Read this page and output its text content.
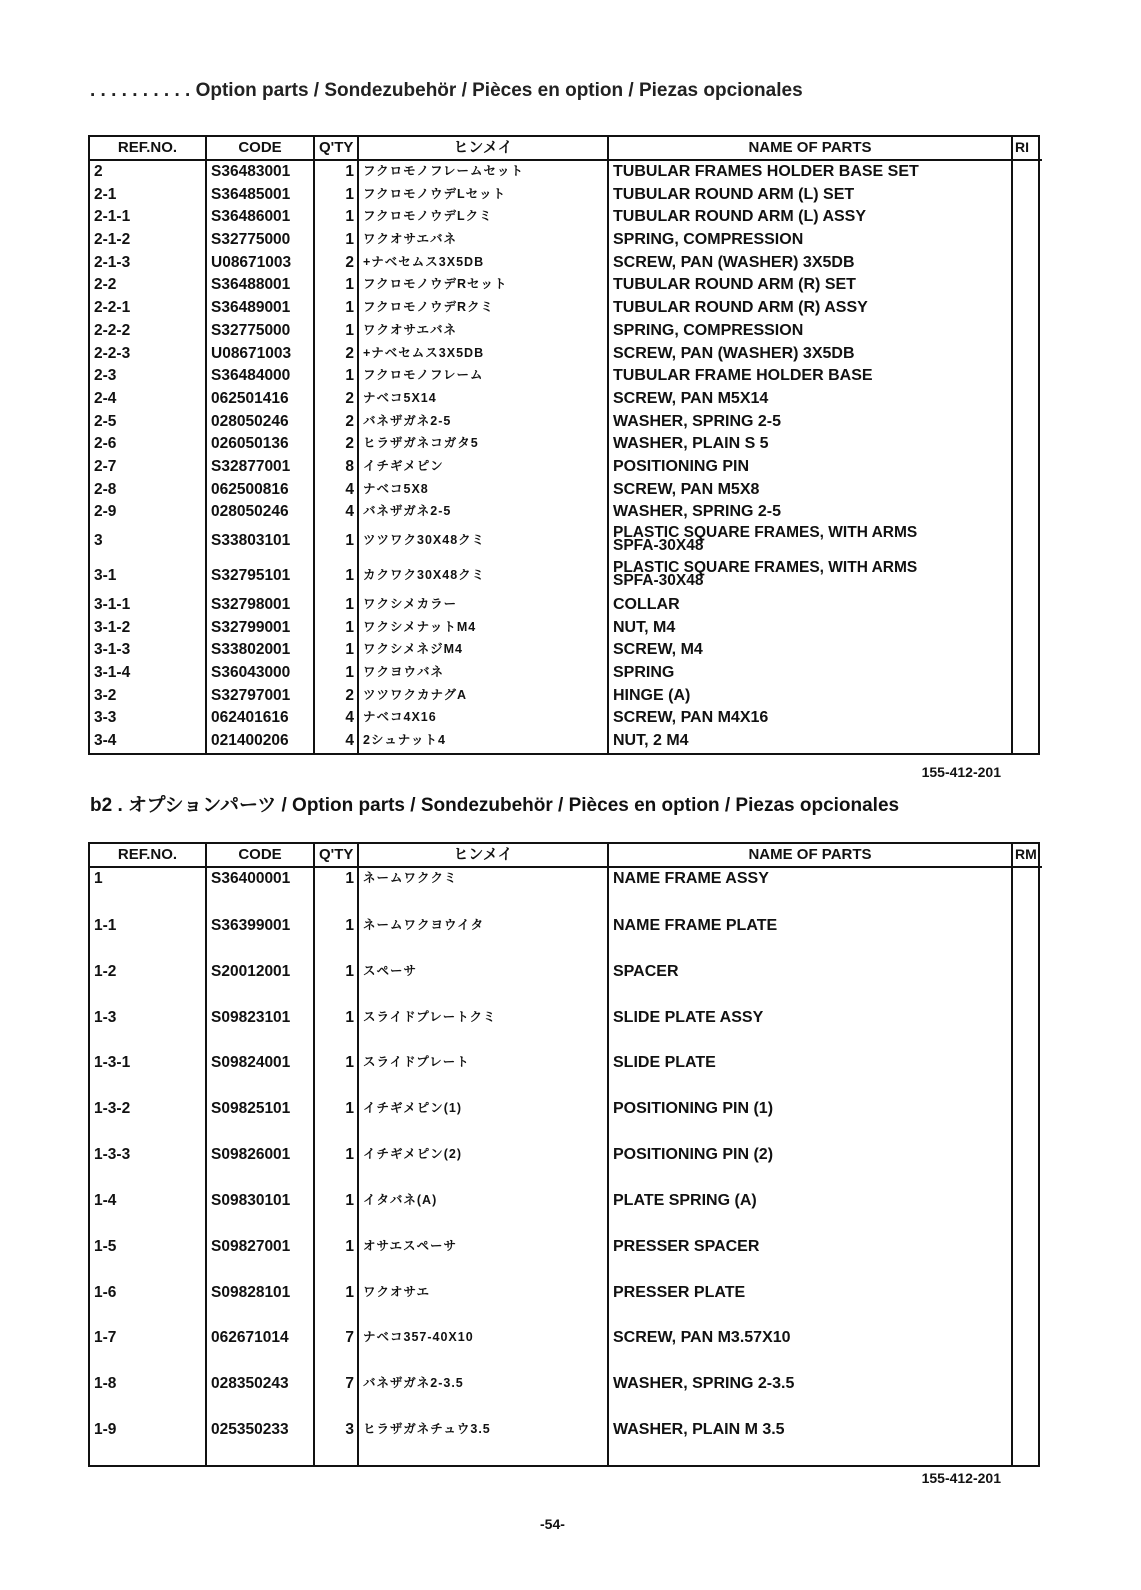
. . . . . . . . . . Option parts / Sondezubehör / Pièces en option / Piezas opcionales
REF.NO.	CODE	Q'TY	ヒンメイ	NAME OF PARTS	RI
2	S36483001	1	フクロモノフレームセット	TUBULAR FRAMES HOLDER BASE SET	
2-1	S36485001	1	フクロモノウデLセット	TUBULAR ROUND ARM (L) SET	
2-1-1	S36486001	1	フクロモノウデLクミ	TUBULAR ROUND ARM (L) ASSY	
2-1-2	S32775000	1	ワクオサエバネ	SPRING, COMPRESSION	
2-1-3	U08671003	2	+ナベセムス3X5DB	SCREW, PAN (WASHER) 3X5DB	
2-2	S36488001	1	フクロモノウデRセット	TUBULAR ROUND ARM (R) SET	
2-2-1	S36489001	1	フクロモノウデRクミ	TUBULAR ROUND ARM (R) ASSY	
2-2-2	S32775000	1	ワクオサエバネ	SPRING, COMPRESSION	
2-2-3	U08671003	2	+ナベセムス3X5DB	SCREW, PAN (WASHER) 3X5DB	
2-3	S36484000	1	フクロモノフレーム	TUBULAR FRAME HOLDER BASE	
2-4	062501416	2	ナベコ5X14	SCREW, PAN M5X14	
2-5	028050246	2	バネザガネ2-5	WASHER, SPRING 2-5	
2-6	026050136	2	ヒラザガネコガタ5	WASHER, PLAIN S 5	
2-7	S32877001	8	イチギメピン	POSITIONING PIN	
2-8	062500816	4	ナベコ5X8	SCREW, PAN M5X8	
2-9	028050246	4	バネザガネ2-5	WASHER, SPRING 2-5	
3	S33803101	1	ツツワク30X48クミ	PLASTIC SQUARE FRAMES, WITH ARMS
SPFA-30X48	

3-1	S32795101	1	カクワク30X48クミ	PLASTIC SQUARE FRAMES, WITH ARMS
SPFA-30X48	

3-1-1	S32798001	1	ワクシメカラー	COLLAR	
3-1-2	S32799001	1	ワクシメナットM4	NUT, M4	
3-1-3	S33802001	1	ワクシメネジM4	SCREW, M4	
3-1-4	S36043000	1	ワクヨウバネ	SPRING	
3-2	S32797001	2	ツツワクカナグA	HINGE (A)	
3-3	062401616	4	ナベコ4X16	SCREW, PAN M4X16	
3-4	021400206	4	2シュナット4	NUT, 2 M4	

155-412-201
b2 . オプションパーツ / Option parts / Sondezubehör / Pièces en option / Piezas opcionales
REF.NO.	CODE	Q'TY	ヒンメイ	NAME OF PARTS	RM
1	S36400001	1	ネームワククミ	NAME FRAME ASSY	
1-1	S36399001	1	ネームワクヨウイタ	NAME FRAME PLATE	
1-2	S20012001	1	スペーサ	SPACER	
1-3	S09823101	1	スライドプレートクミ	SLIDE PLATE ASSY	
1-3-1	S09824001	1	スライドプレート	SLIDE PLATE	
1-3-2	S09825101	1	イチギメピン(1)	POSITIONING PIN (1)	
1-3-3	S09826001	1	イチギメピン(2)	POSITIONING PIN (2)	
1-4	S09830101	1	イタバネ(A)	PLATE SPRING (A)	
1-5	S09827001	1	オサエスペーサ	PRESSER SPACER	
1-6	S09828101	1	ワクオサエ	PRESSER PLATE	
1-7	062671014	7	ナベコ357-40X10	SCREW, PAN M3.57X10	
1-8	028350243	7	バネザガネ2-3.5	WASHER, SPRING 2-3.5	
1-9	025350233	3	ヒラザガネチュウ3.5	WASHER, PLAIN M 3.5	

155-412-201
-54-
